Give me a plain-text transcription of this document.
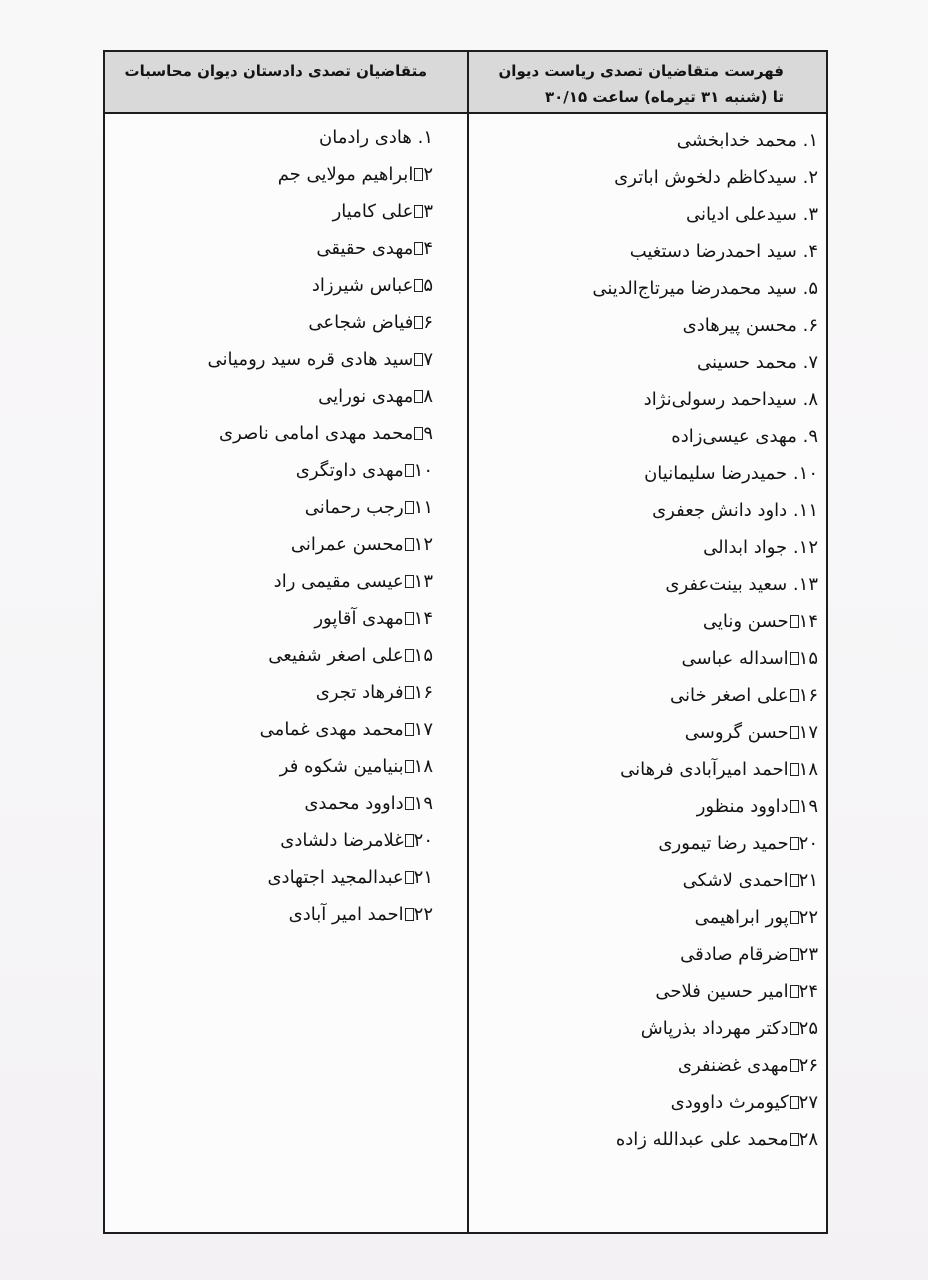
فهرست متقاضیان تصدی ریاست دیوان
تا (شنبه ۳۱ تیرماه) ساعت ۳۰/۱۵
متقاضیان تصدی دادستان دیوان محاسبات
۱. محمد خدابخشی
۲. سیدکاظم دلخوش اباتری
۳. سیدعلی ادیانی
۴. سید احمدرضا دستغیب
۵. سید محمدرضا میرتاج‌الدینی
۶. محسن پیرهادی
۷. محمد حسینی
۸. سیداحمد رسولی‌نژاد
۹. مهدی عیسی‌زاده
۱۰. حمیدرضا سلیمانیان
۱۱. داود دانش جعفری
۱۲. جواد ابدالی
۱۳. سعید بینت‌عفری
۱۴حسن ونایی
۱۵اسداله عباسی
۱۶علی اصغر خانی
۱۷حسن گروسی
۱۸احمد امیرآبادی فرهانی
۱۹داوود منظور
۲۰حمید رضا تیموری
۲۱احمدی لاشکی
۲۲پور ابراهیمی
۲۳ضرقام صادقی
۲۴امیر حسین فلاحی
۲۵دکتر مهرداد بذرپاش
۲۶مهدی غضنفری
۲۷کیومرث داوودی
۲۸محمد علی عبدالله زاده
۱. هادی رادمان
۲ابراهیم مولایی جم
۳علی کامیار
۴مهدی حقیقی
۵عباس شیرزاد
۶فیاض شجاعی
۷سید هادی قره سید رومیانی
۸مهدی نورایی
۹محمد مهدی امامی ناصری
۱۰مهدی داوتگری
۱۱رجب رحمانی
۱۲محسن عمرانی
۱۳عیسی مقیمی راد
۱۴مهدی آقاپور
۱۵علی اصغر شفیعی
۱۶فرهاد تجری
۱۷محمد مهدی غمامی
۱۸بنیامین شکوه فر
۱۹داوود محمدی
۲۰غلامرضا دلشادی
۲۱عبدالمجید اجتهادی
۲۲احمد امیر آبادی
